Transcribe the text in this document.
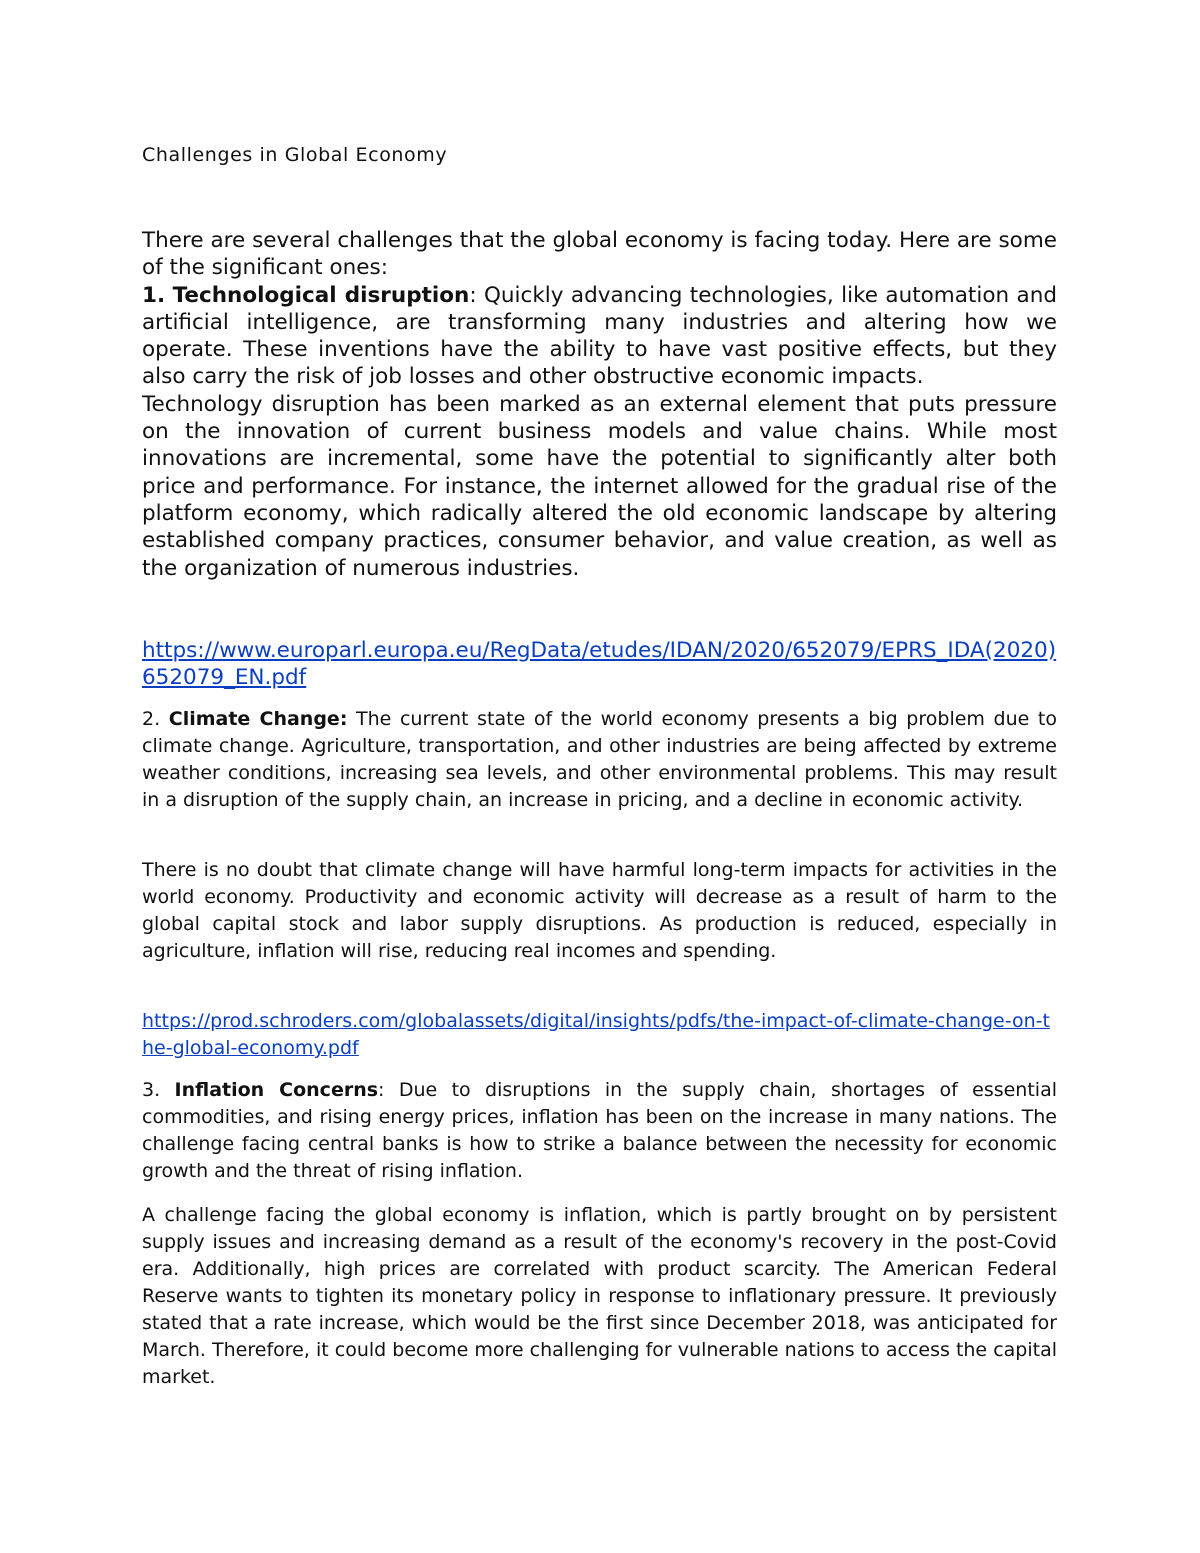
Challenges in Global Economy

There are several challenges that the global economy is facing today. Here are some of the significant ones:
1. Technological disruption: Quickly advancing technologies, like automation and artificial intelligence, are transforming many industries and altering how we operate. These inventions have the ability to have vast positive effects, but they also carry the risk of job losses and other obstructive economic impacts.
Technology disruption has been marked as an external element that puts pressure on the innovation of current business models and value chains. While most innovations are incremental, some have the potential to significantly alter both price and performance. For instance, the internet allowed for the gradual rise of the platform economy, which radically altered the old economic landscape by altering established company practices, consumer behavior, and value creation, as well as the organization of numerous industries.

https://www.europarl.europa.eu/RegData/etudes/IDAN/2020/652079/EPRS_IDA(2020)652079_EN.pdf

2. Climate Change: The current state of the world economy presents a big problem due to climate change. Agriculture, transportation, and other industries are being affected by extreme weather conditions, increasing sea levels, and other environmental problems. This may result in a disruption of the supply chain, an increase in pricing, and a decline in economic activity.

There is no doubt that climate change will have harmful long-term impacts for activities in the world economy. Productivity and economic activity will decrease as a result of harm to the global capital stock and labor supply disruptions. As production is reduced, especially in agriculture, inflation will rise, reducing real incomes and spending.

https://prod.schroders.com/globalassets/digital/insights/pdfs/the-impact-of-climate-change-on-the-global-economy.pdf

3. Inflation Concerns: Due to disruptions in the supply chain, shortages of essential commodities, and rising energy prices, inflation has been on the increase in many nations. The challenge facing central banks is how to strike a balance between the necessity for economic growth and the threat of rising inflation.

A challenge facing the global economy is inflation, which is partly brought on by persistent supply issues and increasing demand as a result of the economy's recovery in the post-Covid era. Additionally, high prices are correlated with product scarcity. The American Federal Reserve wants to tighten its monetary policy in response to inflationary pressure. It previously stated that a rate increase, which would be the first since December 2018, was anticipated for March. Therefore, it could become more challenging for vulnerable nations to access the capital market.
